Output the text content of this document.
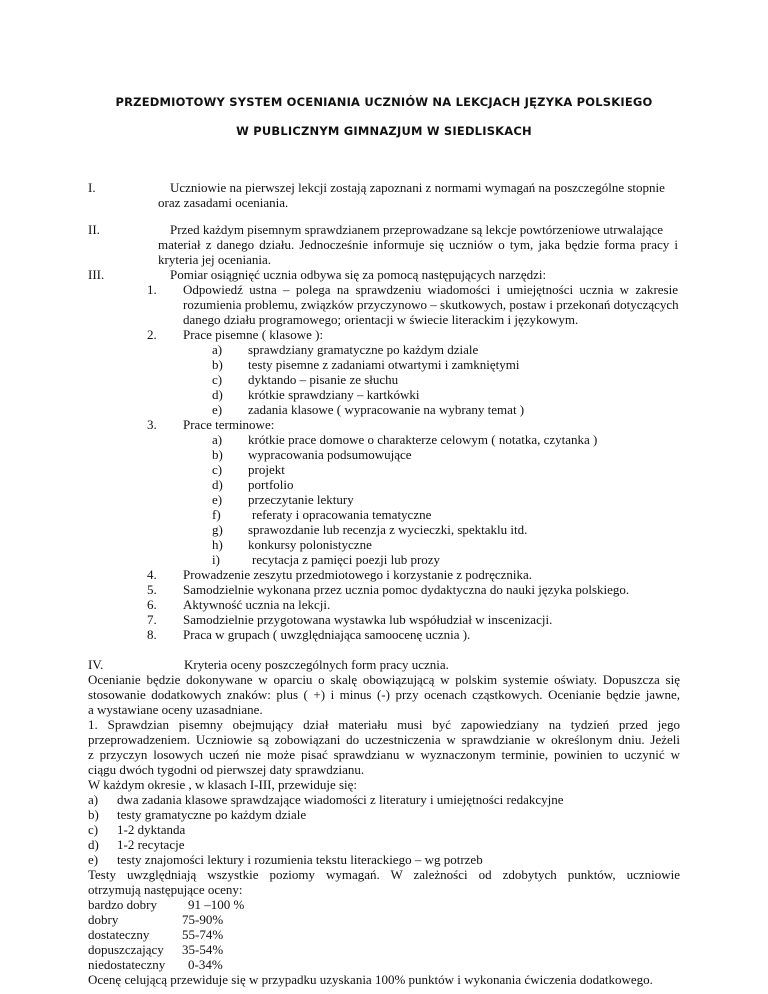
PRZEDMIOTOWY SYSTEM OCENIANIA UCZNIÓW NA LEKCJACH JĘZYKA POLSKIEGO
W PUBLICZNYM GIMNAZJUM W SIEDLISKACH
I.	Uczniowie na pierwszej lekcji zostają zapoznani z normami wymagań na poszczególne stopnie
oraz zasadami oceniania.
II.	Przed każdym pisemnym sprawdzianem przeprowadzane są lekcje powtórzeniowe utrwalające
materiał z danego działu. Jednocześnie informuje się uczniów o tym, jaka będzie forma pracy i
kryteria jej oceniania.
III.	Pomiar osiągnięć ucznia odbywa się za pomocą następujących narzędzi:
1. Odpowiedź ustna – polega na sprawdzeniu wiadomości i umiejętności ucznia w zakresie
rozumienia problemu, związków przyczynowo – skutkowych, postaw i przekonań dotyczących
danego działu programowego; orientacji w świecie literackim i językowym.
2. Prace pisemne ( klasowe ):
a) sprawdziany gramatyczne po każdym dziale
b) testy pisemne z zadaniami otwartymi i zamkniętymi
c) dyktando – pisanie ze słuchu
d) krótkie sprawdziany – kartkówki
e) zadania klasowe ( wypracowanie na wybrany temat )
3. Prace terminowe:
a) krótkie prace domowe o charakterze celowym ( notatka, czytanka )
b) wypracowania podsumowujące
c) projekt
d) portfolio
e) przeczytanie lektury
f) referaty i opracowania tematyczne
g) sprawozdanie lub recenzja z wycieczki, spektaklu itd.
h) konkursy polonistyczne
i) recytacja z pamięci poezji lub prozy
4. Prowadzenie zeszytu przedmiotowego i korzystanie z podręcznika.
5. Samodzielnie wykonana przez ucznia pomoc dydaktyczna do nauki języka polskiego.
6. Aktywność ucznia na lekcji.
7. Samodzielnie przygotowana wystawka lub współudział w inscenizacji.
8. Praca w grupach ( uwzględniająca samoocenę ucznia ).
IV.	Kryteria oceny poszczególnych form pracy ucznia.
Ocenianie będzie dokonywane w oparciu o skalę obowiązującą w polskim systemie oświaty. Dopuszcza się
stosowanie dodatkowych znaków: plus ( +) i minus (-) przy ocenach cząstkowych. Ocenianie będzie jawne,
a wystawiane oceny uzasadniane.
1. Sprawdzian pisemny obejmujący dział materiału musi być zapowiedziany na tydzień przed jego
przeprowadzeniem. Uczniowie są zobowiązani do uczestniczenia w sprawdzianie w określonym dniu. Jeżeli
z przyczyn losowych uczeń nie może pisać sprawdzianu w wyznaczonym terminie, powinien to uczynić w
ciągu dwóch tygodni od pierwszej daty sprawdzianu.
W każdym okresie , w klasach I-III, przewiduje się:
a) dwa zadania klasowe sprawdzające wiadomości z literatury i umiejętności redakcyjne
b) testy gramatyczne po każdym dziale
c) 1-2 dyktanda
d) 1-2 recytacje
e) testy znajomości lektury i rozumienia tekstu literackiego – wg potrzeb
Testy uwzględniają wszystkie poziomy wymagań. W zależności od zdobytych punktów, uczniowie
otrzymują następujące oceny:
bardzo dobry 91 –100 %
dobry	75-90%
dostateczny	55-74%
dopuszczający 35-54%
niedostateczny 0-34%
Ocenę celującą przewiduje się w przypadku uzyskania 100% punktów i wykonania ćwiczenia dodatkowego.
